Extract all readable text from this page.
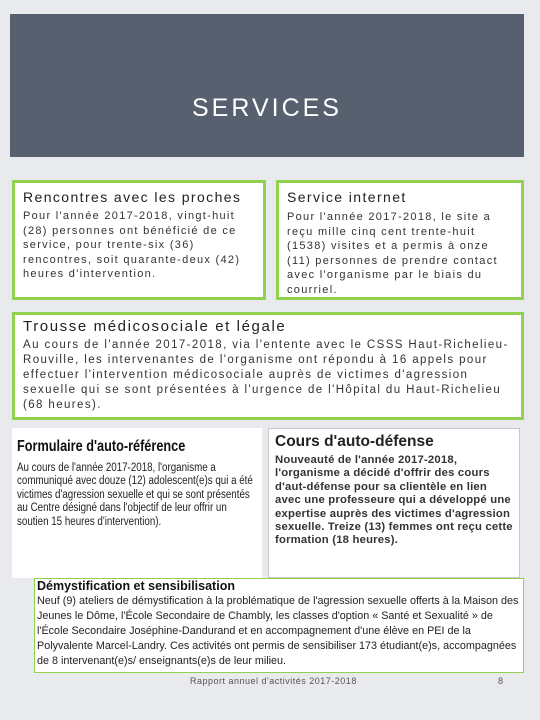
SERVICES
Rencontres avec les proches
Pour l'année 2017-2018, vingt-huit (28) personnes ont bénéficié de ce service, pour trente-six (36) rencontres, soit quarante-deux (42) heures d'intervention.
Service internet
Pour l'année 2017-2018, le site a reçu mille cinq cent trente-huit (1538) visites et a permis à onze (11) personnes de prendre contact avec l'organisme par le biais du courriel.
Trousse médicosociale et légale
Au cours de l'année 2017-2018, via l'entente avec le CSSS Haut-Richelieu-Rouville, les intervenantes de l'organisme ont répondu à 16 appels pour effectuer l'intervention médicosociale auprès de victimes d'agression sexuelle qui se sont présentées à l'urgence de l'Hôpital du Haut-Richelieu (68 heures).
Formulaire d'auto-référence
Au cours de l'année 2017-2018, l'organisme a communiqué avec douze (12) adolescent(e)s qui a été victimes d'agression sexuelle et qui se sont présentés au Centre désigné dans l'objectif de leur offrir un soutien 15 heures d'intervention).
Cours d'auto-défense
Nouveauté de l'année 2017-2018, l'organisme a décidé d'offrir des cours d'aut-défense pour sa clientèle en lien avec une professeure qui a développé une expertise auprès des victimes d'agression sexuelle. Treize (13) femmes ont reçu cette formation (18 heures).
Démystification et sensibilisation
Neuf (9) ateliers de démystification à la problématique de l'agression sexuelle offerts à la Maison des Jeunes le Dôme, l'École Secondaire de Chambly, les classes d'option « Santé et Sexualité » de l'École Secondaire Joséphine-Dandurand et en accompagnement d'une élève en PEI de la Polyvalente Marcel-Landry. Ces activités ont permis de sensibiliser 173 étudiant(e)s, accompagnées de 8 intervenant(e)s/ enseignants(e)s de leur milieu.
Rapport annuel d'activités 2017-2018	8
